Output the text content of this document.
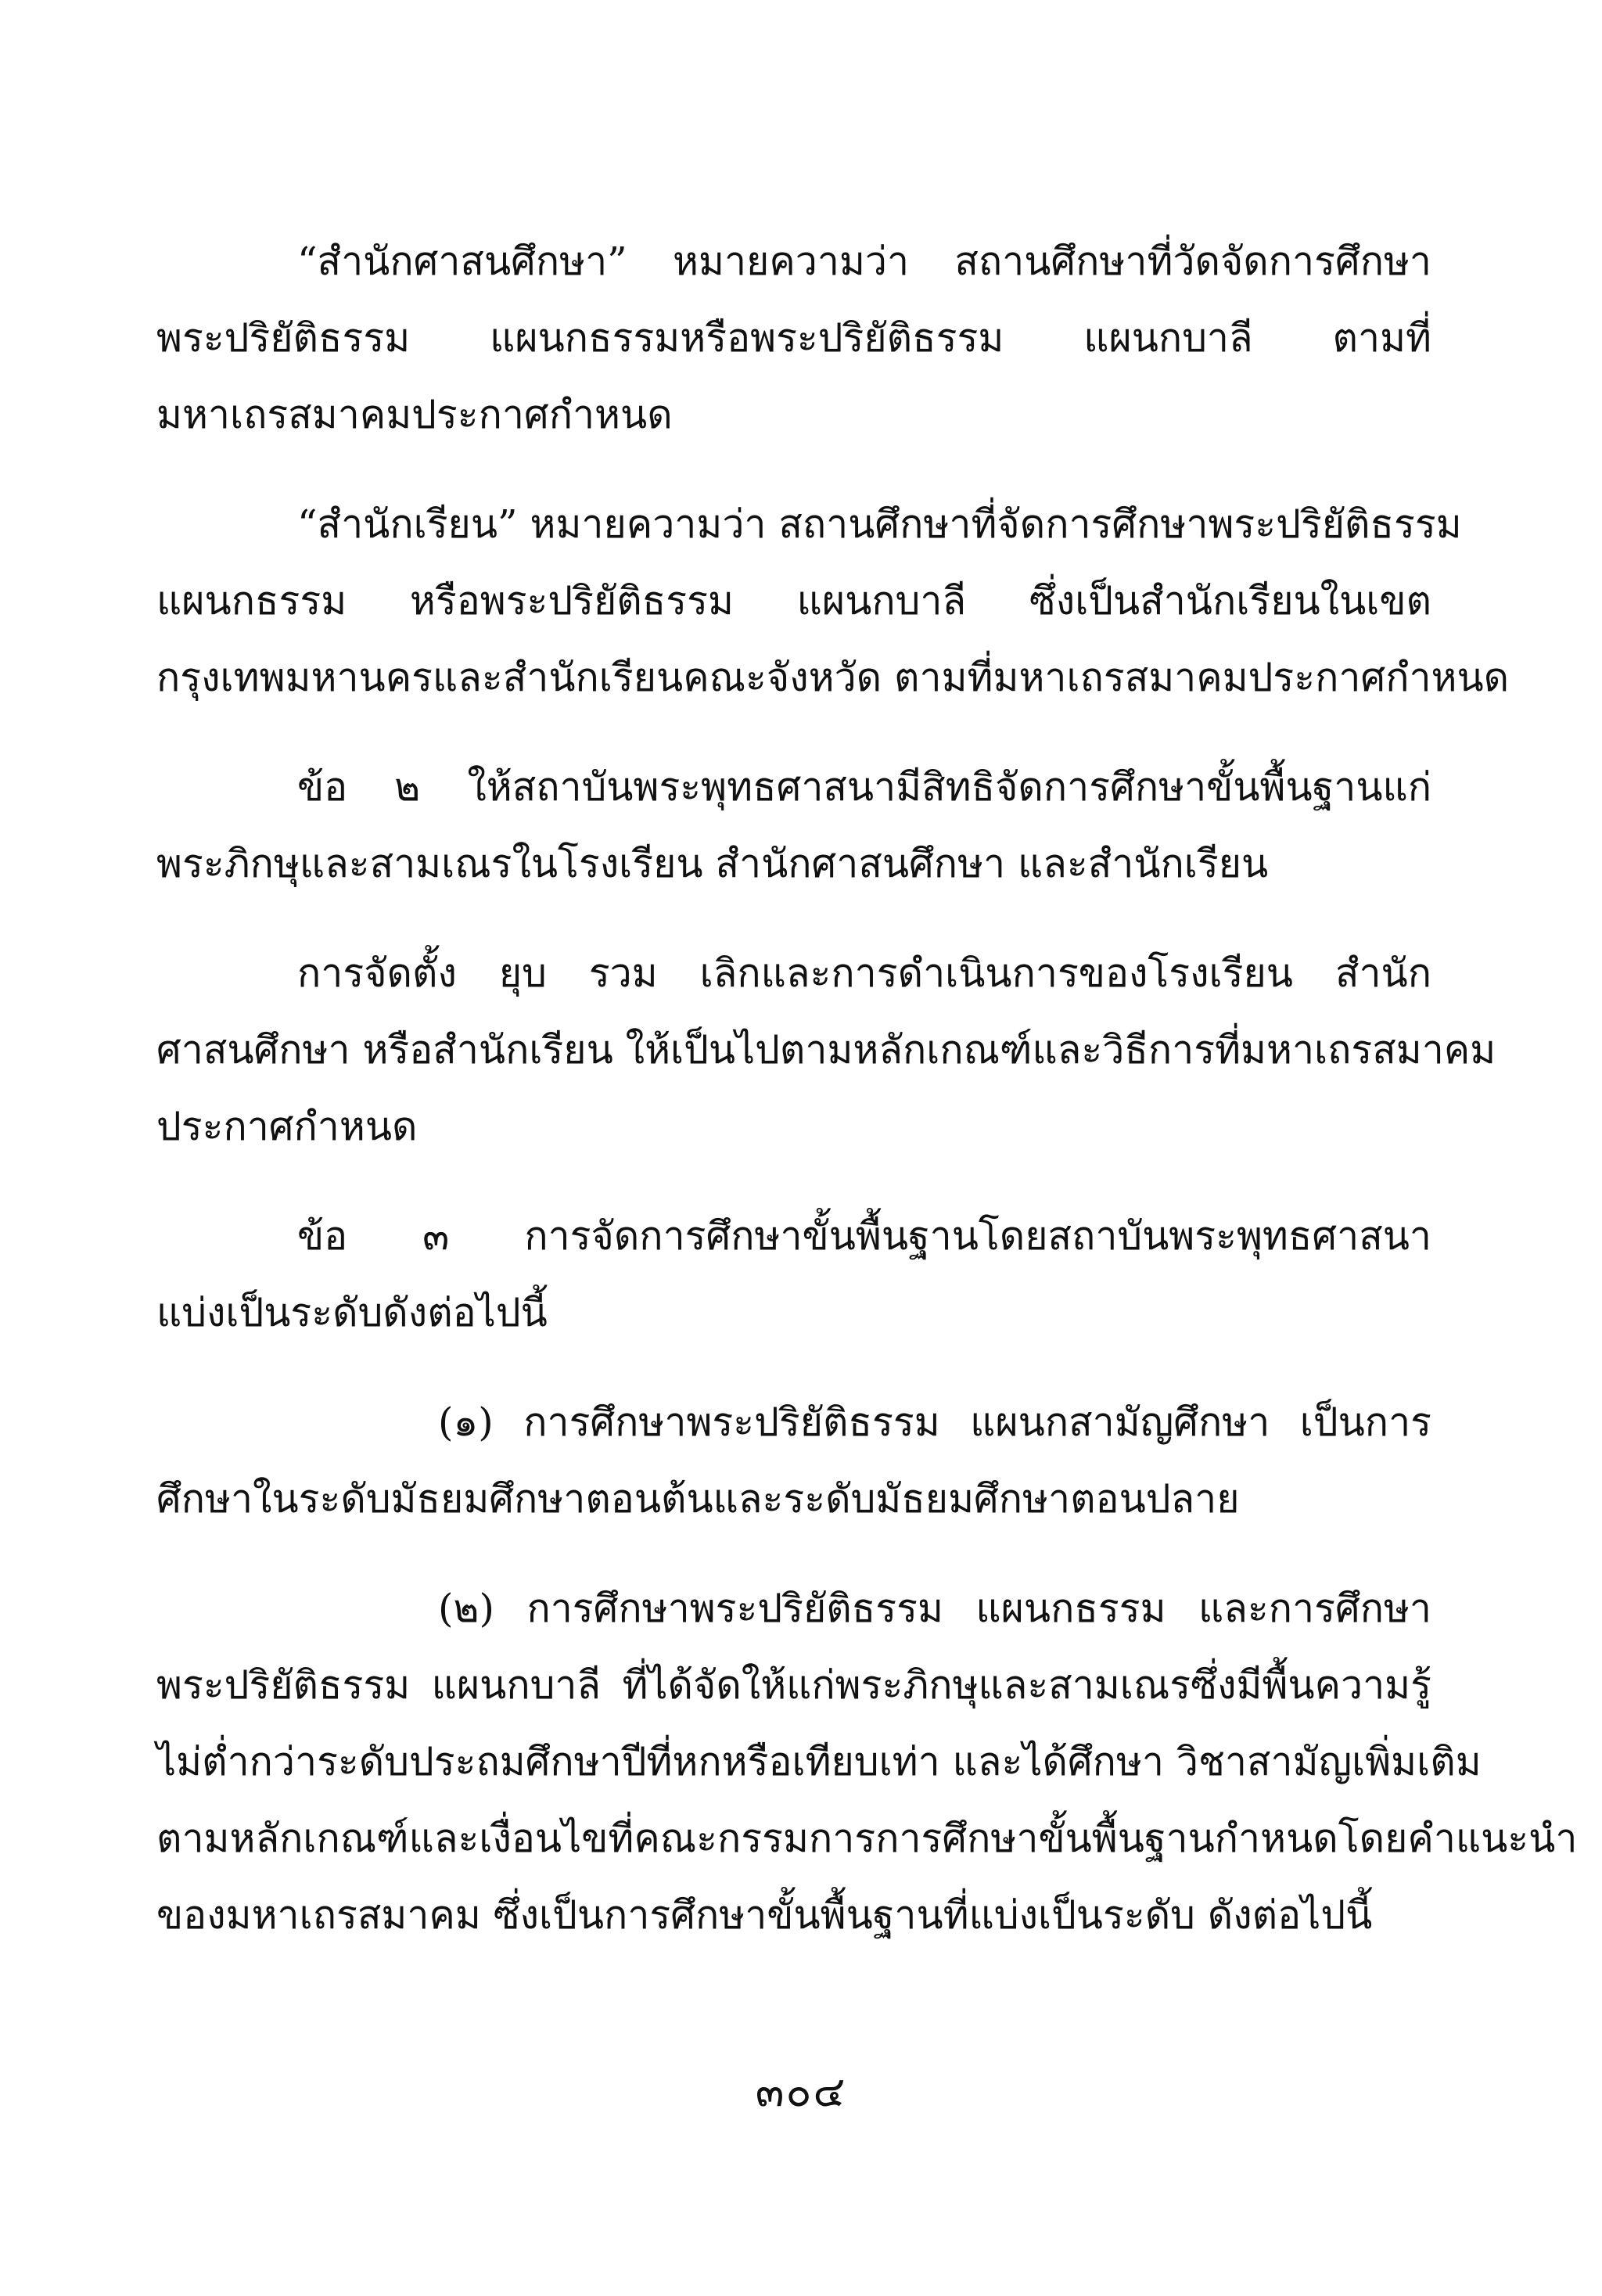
“สำนักศาสนศึกษา” หมายความว่า สถานศึกษาที่วัดจัดการศึกษา
พระปริยัติธรรม แผนกธรรมหรือพระปริยัติธรรม แผนกบาลี ตามที่
มหาเถรสมาคมประกาศกำหนด

“สำนักเรียน” หมายความว่า สถานศึกษาที่จัดการศึกษาพระปริยัติธรรม
แผนกธรรม หรือพระปริยัติธรรม แผนกบาลี ซึ่งเป็นสำนักเรียนในเขต
กรุงเทพมหานครและสำนักเรียนคณะจังหวัด ตามที่มหาเถรสมาคมประกาศกำหนด

ข้อ ๒ ให้สถาบันพระพุทธศาสนามีสิทธิจัดการศึกษาขั้นพื้นฐานแก่
พระภิกษุและสามเณรในโรงเรียน สำนักศาสนศึกษา และสำนักเรียน

การจัดตั้ง ยุบ รวม เลิกและการดำเนินการของโรงเรียน สำนัก
ศาสนศึกษา หรือสำนักเรียน ให้เป็นไปตามหลักเกณฑ์และวิธีการที่มหาเถรสมาคม
ประกาศกำหนด

ข้อ ๓ การจัดการศึกษาขั้นพื้นฐานโดยสถาบันพระพุทธศาสนา
แบ่งเป็นระดับดังต่อไปนี้

(๑) การศึกษาพระปริยัติธรรม แผนกสามัญศึกษา เป็นการ
ศึกษาในระดับมัธยมศึกษาตอนต้นและระดับมัธยมศึกษาตอนปลาย

(๒) การศึกษาพระปริยัติธรรม แผนกธรรม และการศึกษา
พระปริยัติธรรม แผนกบาลี ที่ได้จัดให้แก่พระภิกษุและสามเณรซึ่งมีพื้นความรู้
ไม่ต่ำกว่าระดับประถมศึกษาปีที่หกหรือเทียบเท่า และได้ศึกษา วิชาสามัญเพิ่มเติม
ตามหลักเกณฑ์และเงื่อนไขที่คณะกรรมการการศึกษาขั้นพื้นฐานกำหนดโดยคำแนะนำ
ของมหาเถรสมาคม ซึ่งเป็นการศึกษาขั้นพื้นฐานที่แบ่งเป็นระดับ ดังต่อไปนี้

๓๐๔
